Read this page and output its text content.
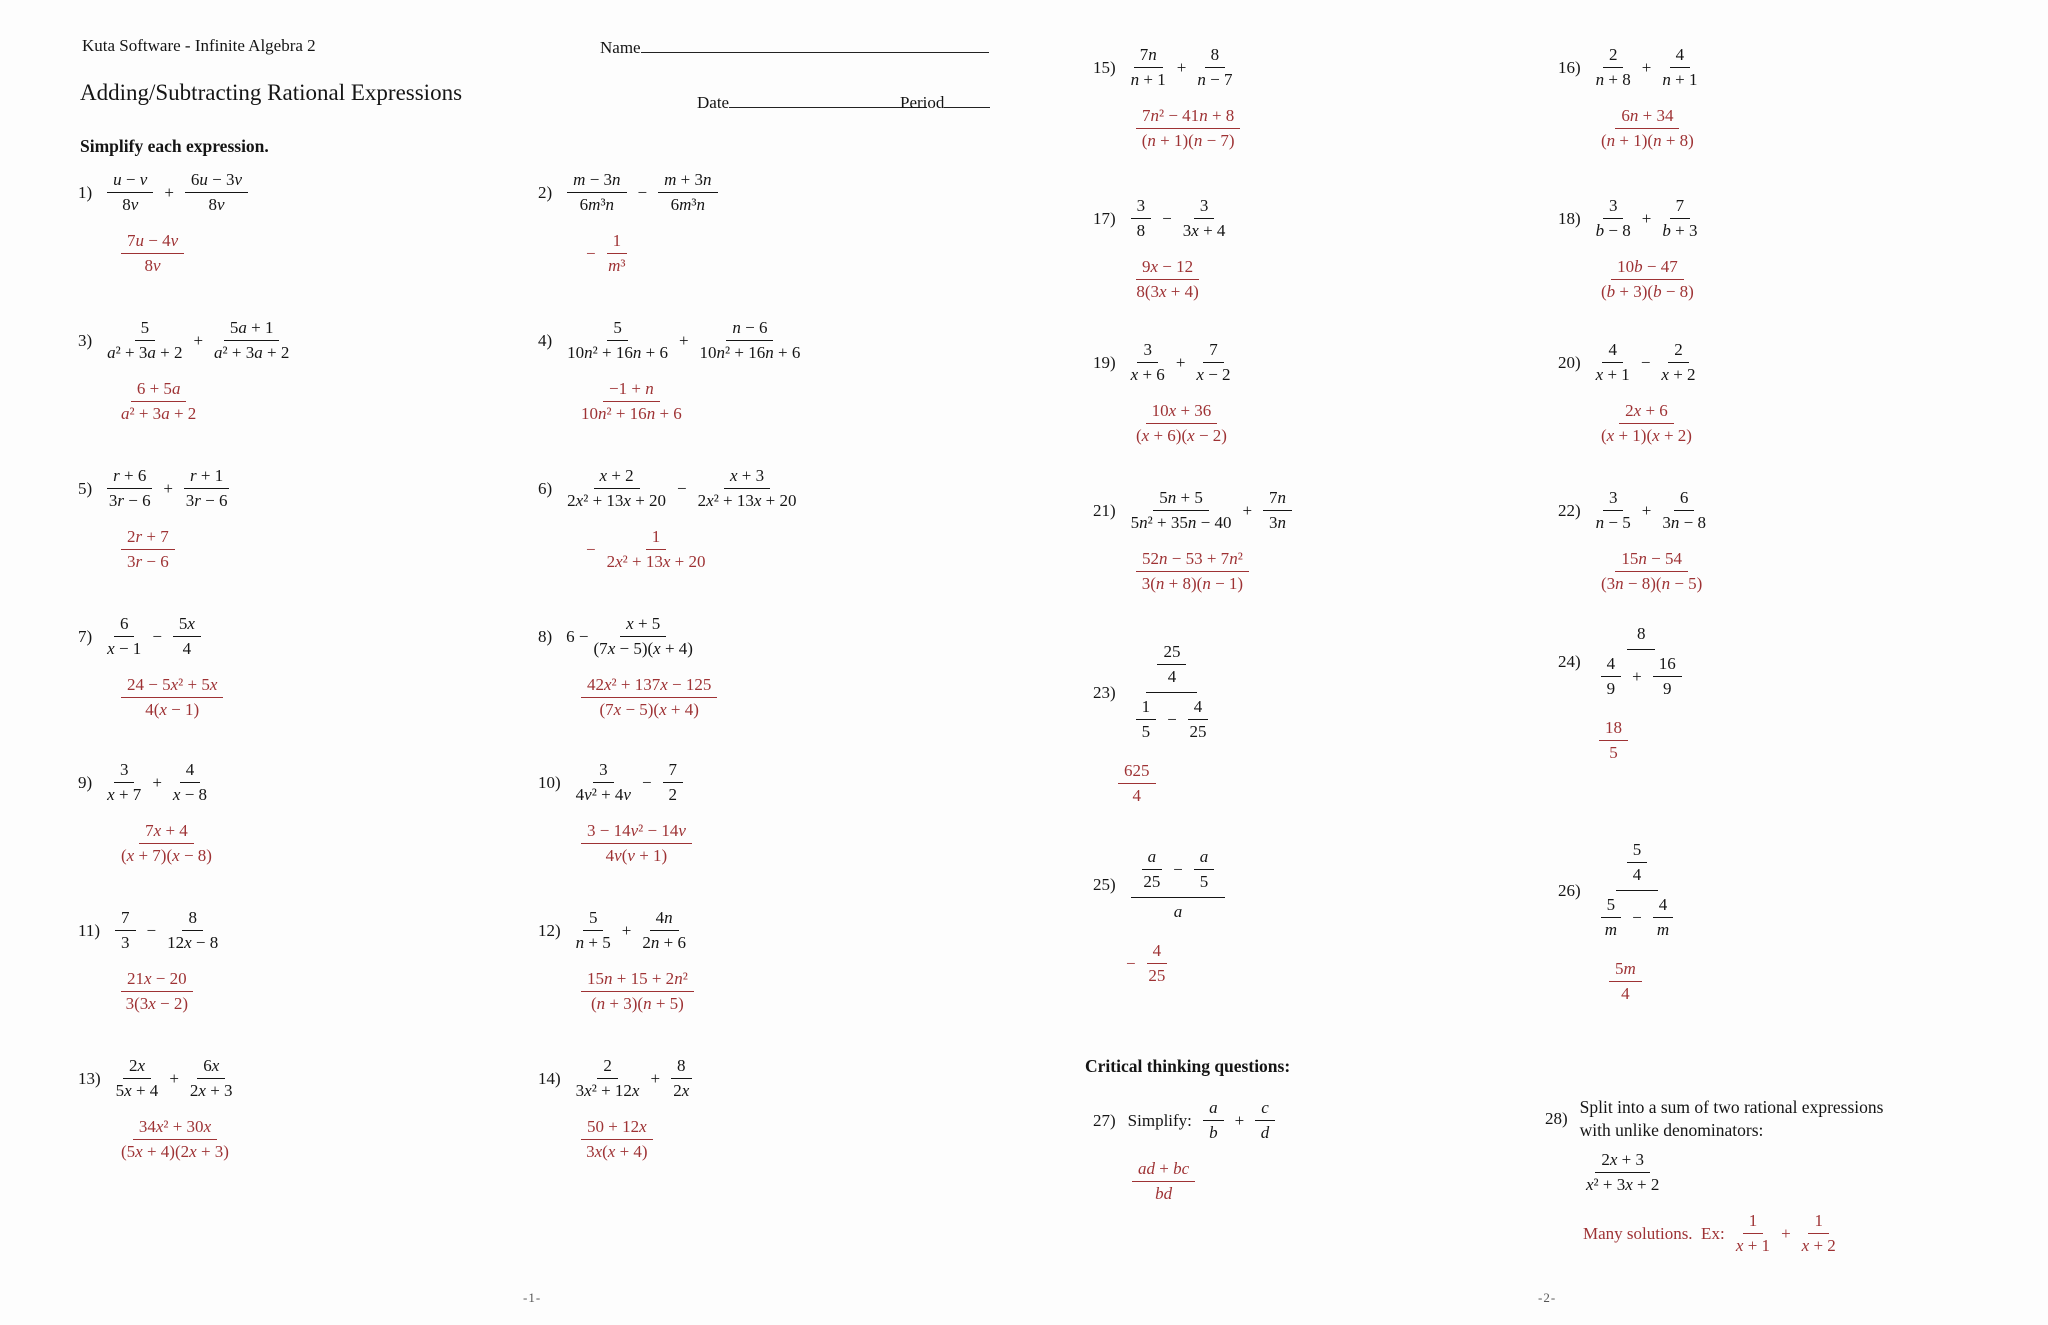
Kuta Software - Infinite Algebra 2	Name
Adding/Subtracting Rational Expressions	Date	Period
Simplify each expression.
Critical thinking questions:
$1) \frac{u - v}{8v} + \frac{6u - 3v}{8v}$
$\frac{7u - 4v}{8v}$
$2) \frac{m - 3n}{\text{6m³n}} - \frac{m + 3n}{\text{6m³n}}$
− $\frac{1}{\text{m³}}$
$3) \frac{5}{\text{a² + 3a + 2}} + \frac{5a + 1}{\text{a² + 3a + 2}}$
$\frac{6 + 5a}{\text{a² + 3a + 2}}$
$4) \frac{5}{\text{10n² + 16n + 6}} + \frac{n - 6}{\text{10n² + 16n + 6}}$
$\frac{-1 + n}{\text{10n² + 16n + 6}}$
$5) \frac{r + 6}{3r - 6} + \frac{r + 1}{3r - 6}$
$\frac{2r + 7}{3r - 6}$
$6) \frac{x + 2}{\text{2x² + 13x + 20}} - \frac{x + 3}{\text{2x² + 13x + 20}}$
− $\frac{1}{\text{2x² + 13x + 20}}$
$7) \frac{6}{x - 1} - \frac{5x}{4}$
$\frac{\text{24 − 5x² + 5x}}{4(x - 1)}$
8) $6 - \frac{x + 5}{(7x - 5)(x + 4)}$
$\frac{\text{42x² + 137x − 125}}{(7x - 5)(x + 4)}$
$9) \frac{3}{x + 7} + \frac{4}{x - 8}$
$\frac{7x + 4}{(x + 7)(x - 8)}$
$10) \frac{3}{\text{4v² + 4v}} - \frac{7}{2}$
$\frac{\text{3 − 14v² − 14v}}{4v(v + 1)}$
$11) \frac{7}{3} - \frac{8}{12x - 8}$
$\frac{21x - 20}{3(3x - 2)}$
$12) \frac{5}{n + 5} + \frac{4n}{2n + 6}$
$\frac{\text{15n + 15 + 2n²}}{(n + 3)(n + 5)}$
$13) \frac{2x}{5x + 4} + \frac{6x}{2x + 3}$
$\frac{\text{34x² + 30x}}{(5x + 4)(2x + 3)}$
$14) \frac{2}{\text{3x² + 12x}} + \frac{8}{2x}$
$\frac{50 + 12x}{3x(x + 4)}$
$15) \frac{7n}{n + 1} + \frac{8}{n - 7}$
$\frac{\text{7n² − 41n + 8}}{(n + 1)(n - 7)}$
$16) \frac{2}{n + 8} + \frac{4}{n + 1}$
$\frac{6n + 34}{(n + 1)(n + 8)}$
$17) \frac{3}{8} - \frac{3}{3x + 4}$
$\frac{9x - 12}{8(3x + 4)}$
$18) \frac{3}{b - 8} + \frac{7}{b + 3}$
$\frac{10b - 47}{(b + 3)(b - 8)}$
$19) \frac{3}{x + 6} + \frac{7}{x - 2}$
$\frac{10x + 36}{(x + 6)(x - 2)}$
$20) \frac{4}{x + 1} - \frac{2}{x + 2}$
$\frac{2x + 6}{(x + 1)(x + 2)}$
$21) \frac{5n + 5}{\text{5n² + 35n − 40}} + \frac{7n}{3n}$
$\frac{\text{52n − 53 + 7n²}}{3(n + 8)(n - 1)}$
$22) \frac{3}{n - 5} + \frac{6}{3n - 8}$
$\frac{15n - 54}{(3n - 8)(n - 5)}$
$23) \frac{\frac{25}{4}}{\frac{1}{5} - \frac{4}{25}}$
$\frac{625}{4}$
$24) \frac{8}{\frac{4}{9} + \frac{16}{9}}$
$\frac{18}{5}$
$25) \frac{\frac{a}{25} - \frac{a}{5}}{a}$
− $\frac{4}{25}$
$26) \frac{\frac{5}{4}}{\frac{5}{m} - \frac{4}{m}}$
$\frac{5m}{4}$
27) Simplify: $\frac{a}{b} + \frac{c}{d}$
$\frac{ad + bc}{bd}$
28)
Split into a sum of two rational expressions
with unlike denominators:
$\frac{2x + 3}{\text{x² + 3x + 2}}$
Many solutions.  Ex: $\frac{1}{x + 1} + \frac{1}{x + 2}$
-1-	-2-
